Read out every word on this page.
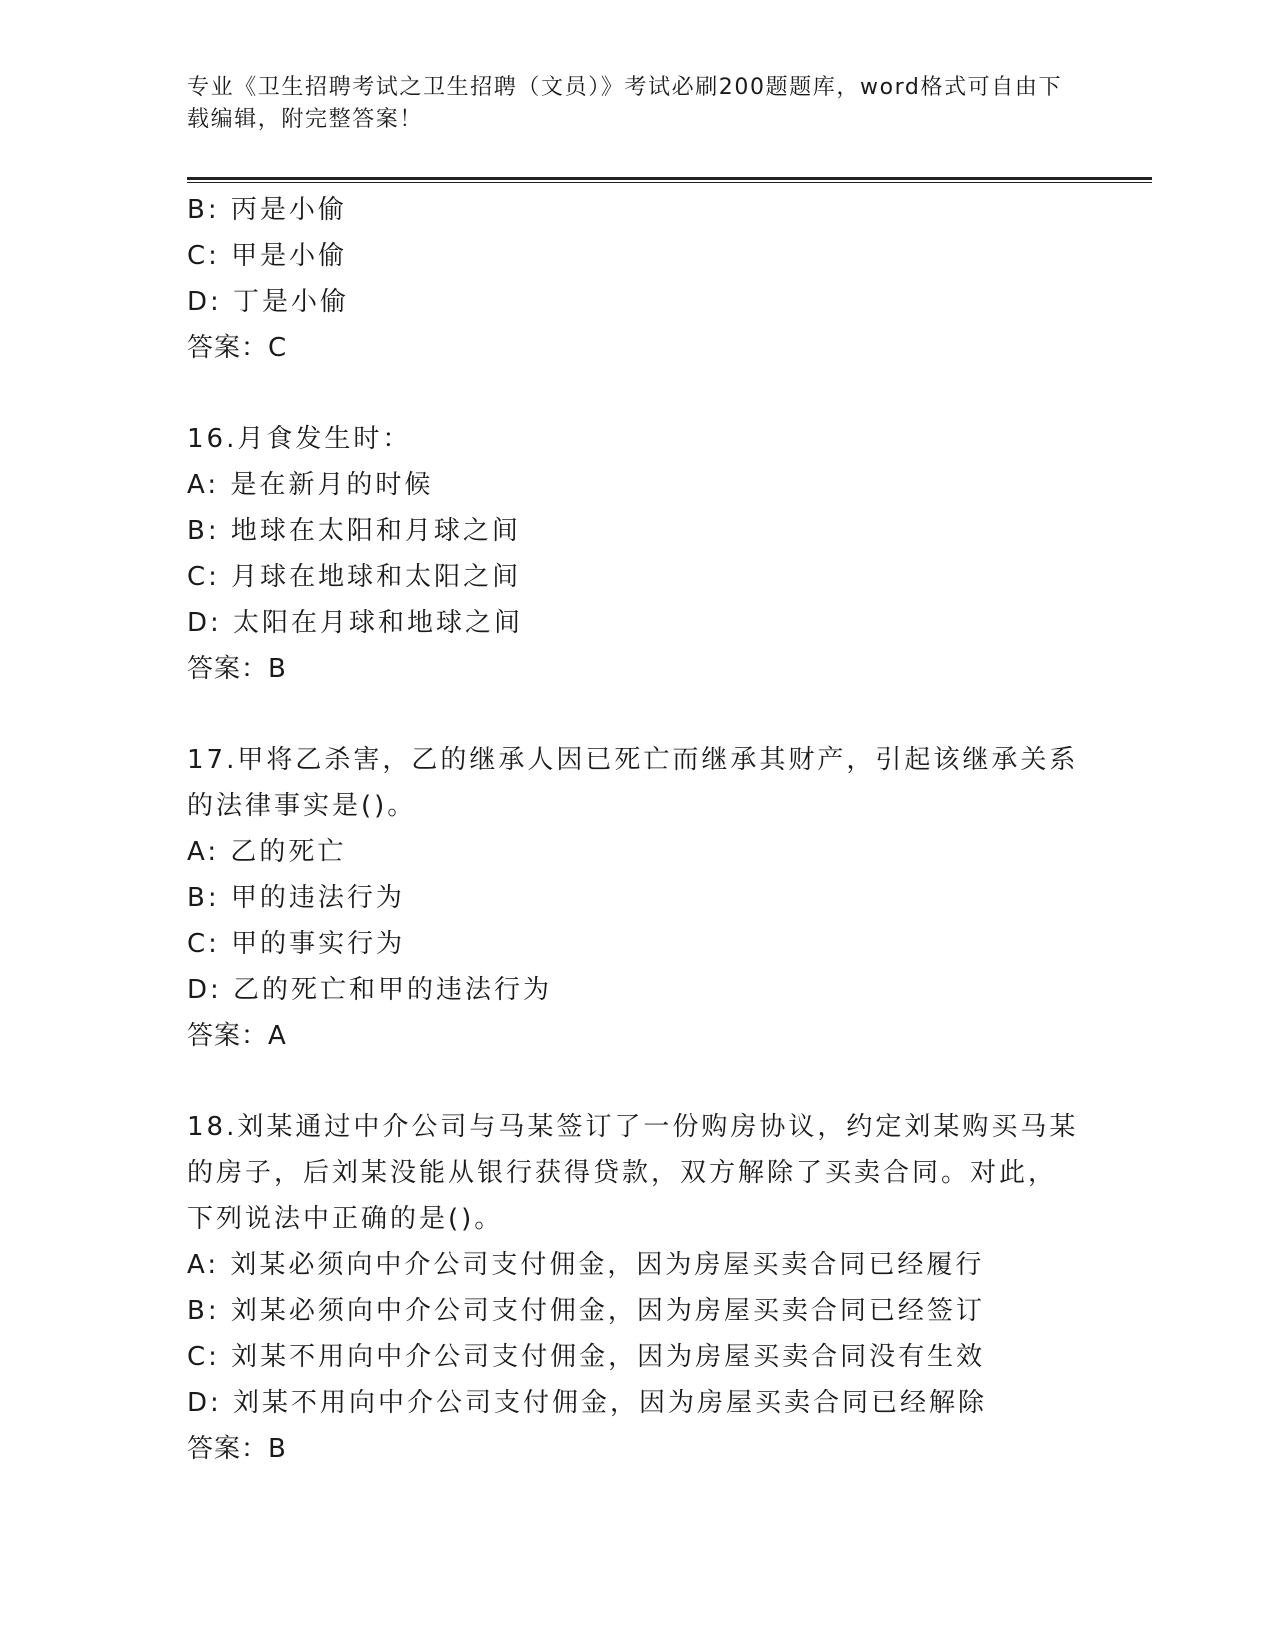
专业《卫生招聘考试之卫生招聘（文员）》考试必刷200题题库，word格式可自由下载编辑，附完整答案！
B: 丙是小偷
C: 甲是小偷
D: 丁是小偷
答案：C
16.月食发生时：
A: 是在新月的时候
B: 地球在太阳和月球之间
C: 月球在地球和太阳之间
D: 太阳在月球和地球之间
答案：B
17.甲将乙杀害，乙的继承人因已死亡而继承其财产，引起该继承关系
的法律事实是()。
A: 乙的死亡
B: 甲的违法行为
C: 甲的事实行为
D: 乙的死亡和甲的违法行为
答案：A
18.刘某通过中介公司与马某签订了一份购房协议，约定刘某购买马某
的房子，后刘某没能从银行获得贷款，双方解除了买卖合同。对此，
下列说法中正确的是()。
A: 刘某必须向中介公司支付佣金，因为房屋买卖合同已经履行
B: 刘某必须向中介公司支付佣金，因为房屋买卖合同已经签订
C: 刘某不用向中介公司支付佣金，因为房屋买卖合同没有生效
D: 刘某不用向中介公司支付佣金，因为房屋买卖合同已经解除
答案：B
